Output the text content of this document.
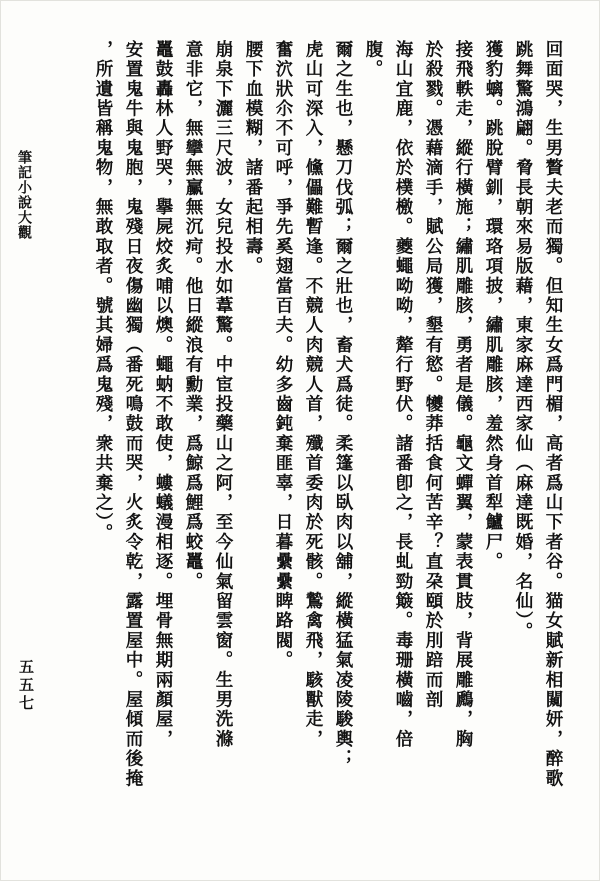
筆記小說大觀	回面哭，生男贅夫老而獨。但知生女爲門楣，高者爲山下者谷。猫女賦新相闚妍，醉歌
跳舞驚鴻翩。脅長朝來易版藉，東家麻達西家仙（麻達既婚，名仙）。
獲豹螭。跳脫臂釧，環珞項披，繡肌雕胲，羞然身首犁鱸尸。
接飛軼走，縱行橫施；繡肌雕胲，勇者是儀。龜文蟬翼，蒙表貫肢，背展雕鷉，胸
於殺戮。憑藉滴手，賦公局獲，墾有慾。犪莽括食何苦辛？直朶頤於刖踣而剖
海山宜鹿，依於樸檄。夔蠅呦呦，犛行野伏。諸番卽之，長虬勁簸。毒珊橫嚙，倍
腹。
爾之生也，懸刀伐弧；爾之壯也，畜犬爲徒。柔篷以臥肉以舖，縱橫猛氣凌陵駿輿；
虎山可深入，儵儡難暫逢。不競人肉競人首，殲首委肉於死骸。鷙禽飛，駭獸走，
奮泬狀尒不可呼，爭先奚翅當百夫。幼多齒鈍棄匪辜，日暮纍纍睥路閥。
腰下血模糊，諸番起相壽。
崩泉下灑三尺波，女兒投水如葦驚。中宦投藥山之阿，至今仙氣留雲窗。生男洗滌
意非它，無攣無臝無沉疴。他日縱浪有勳業，爲鯨爲鯉爲蛟鼉。
鼉鼓轟林人野哭，擧屍烄炙哺以燠。蠅蚋不敢使，螻蟻漫相逐。埋骨無期兩顏屋，
安置鬼牛與鬼胞，鬼殘日夜傷幽獨（番死鳴鼓而哭，火炙令乾，露置屋中。屋傾而後掩
，所遺皆稱鬼物，無敢取者。號其婦爲鬼殘，衆共棄之）。
五五七
